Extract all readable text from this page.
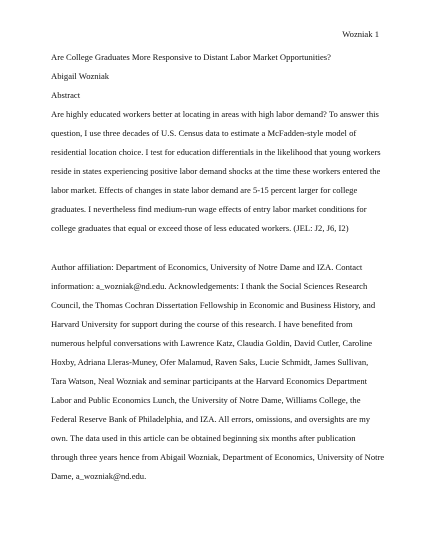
Wozniak 1
Are College Graduates More Responsive to Distant Labor Market Opportunities?
Abigail Wozniak
Abstract
Are highly educated workers better at locating in areas with high labor demand? To answer this
question, I use three decades of U.S. Census data to estimate a McFadden-style model of
residential location choice. I test for education differentials in the likelihood that young workers
reside in states experiencing positive labor demand shocks at the time these workers entered the
labor market. Effects of changes in state labor demand are 5-15 percent larger for college
graduates. I nevertheless find medium-run wage effects of entry labor market conditions for
college graduates that equal or exceed those of less educated workers. (JEL: J2, J6, I2)
Author affiliation: Department of Economics, University of Notre Dame and IZA. Contact
information: a_wozniak@nd.edu. Acknowledgements: I thank the Social Sciences Research
Council, the Thomas Cochran Dissertation Fellowship in Economic and Business History, and
Harvard University for support during the course of this research. I have benefited from
numerous helpful conversations with Lawrence Katz, Claudia Goldin, David Cutler, Caroline
Hoxby, Adriana Lleras-Muney, Ofer Malamud, Raven Saks, Lucie Schmidt, James Sullivan,
Tara Watson, Neal Wozniak and seminar participants at the Harvard Economics Department
Labor and Public Economics Lunch, the University of Notre Dame, Williams College, the
Federal Reserve Bank of Philadelphia, and IZA. All errors, omissions, and oversights are my
own. The data used in this article can be obtained beginning six months after publication
through three years hence from Abigail Wozniak, Department of Economics, University of Notre
Dame, a_wozniak@nd.edu.
